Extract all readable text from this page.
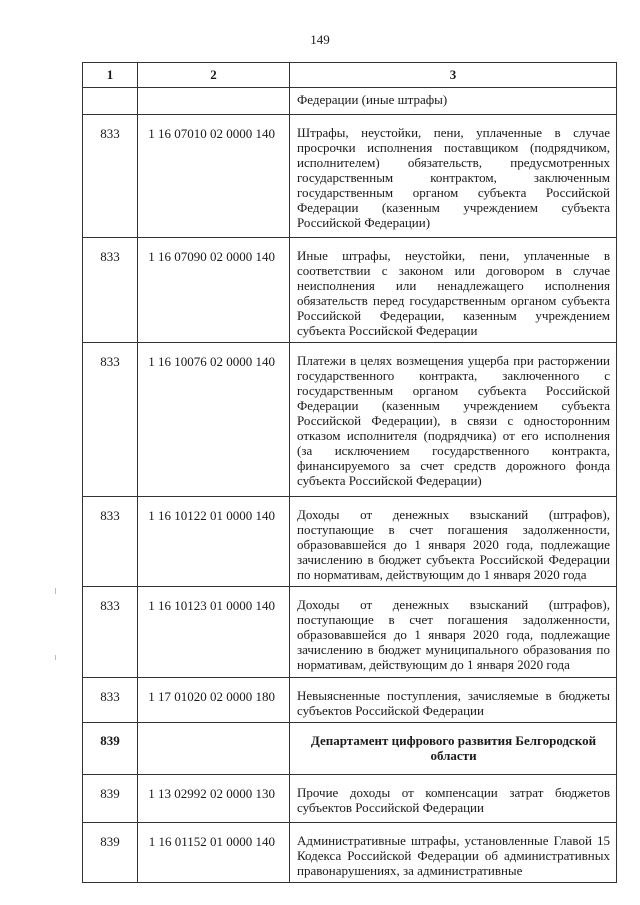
149
1	2	3
		Федерации (иные штрафы)
833	1 16 07010 02 0000 140	Штрафы, неустойки, пени, уплаченные в случае просрочки исполнения поставщиком (подрядчиком, исполнителем) обязательств, предусмотренных государственным контрактом, заключенным государственным органом субъекта Российской Федерации (казенным учреждением субъекта Российской Федерации)
833	1 16 07090 02 0000 140	Иные штрафы, неустойки, пени, уплаченные в соответствии с законом или договором в случае неисполнения или ненадлежащего исполнения обязательств перед государственным органом субъекта Российской Федерации, казенным учреждением субъекта Российской Федерации
833	1 16 10076 02 0000 140	Платежи в целях возмещения ущерба при расторжении государственного контракта, заключенного с государственным органом субъекта Российской Федерации (казенным учреждением субъекта Российской Федерации), в связи с односторонним отказом исполнителя (подрядчика) от его исполнения (за исключением государственного контракта, финансируемого за счет средств дорожного фонда субъекта Российской Федерации)
833	1 16 10122 01 0000 140	Доходы от денежных взысканий (штрафов), поступающие в счет погашения задолженности, образовавшейся до 1 января 2020 года, подлежащие зачислению в бюджет субъекта Российской Федерации по нормативам, действующим до 1 января 2020 года
833	1 16 10123 01 0000 140	Доходы от денежных взысканий (штрафов), поступающие в счет погашения задолженности, образовавшейся до 1 января 2020 года, подлежащие зачислению в бюджет муниципального образования по нормативам, действующим до 1 января 2020 года
833	1 17 01020 02 0000 180	Невыясненные поступления, зачисляемые в бюджеты субъектов Российской Федерации
839		Департамент цифрового развития Белгородской области
839	1 13 02992 02 0000 130	Прочие доходы от компенсации затрат бюджетов субъектов Российской Федерации
839	1 16 01152 01 0000 140	Административные штрафы, установленные Главой 15 Кодекса Российской Федерации об административных правонарушениях, за административные
